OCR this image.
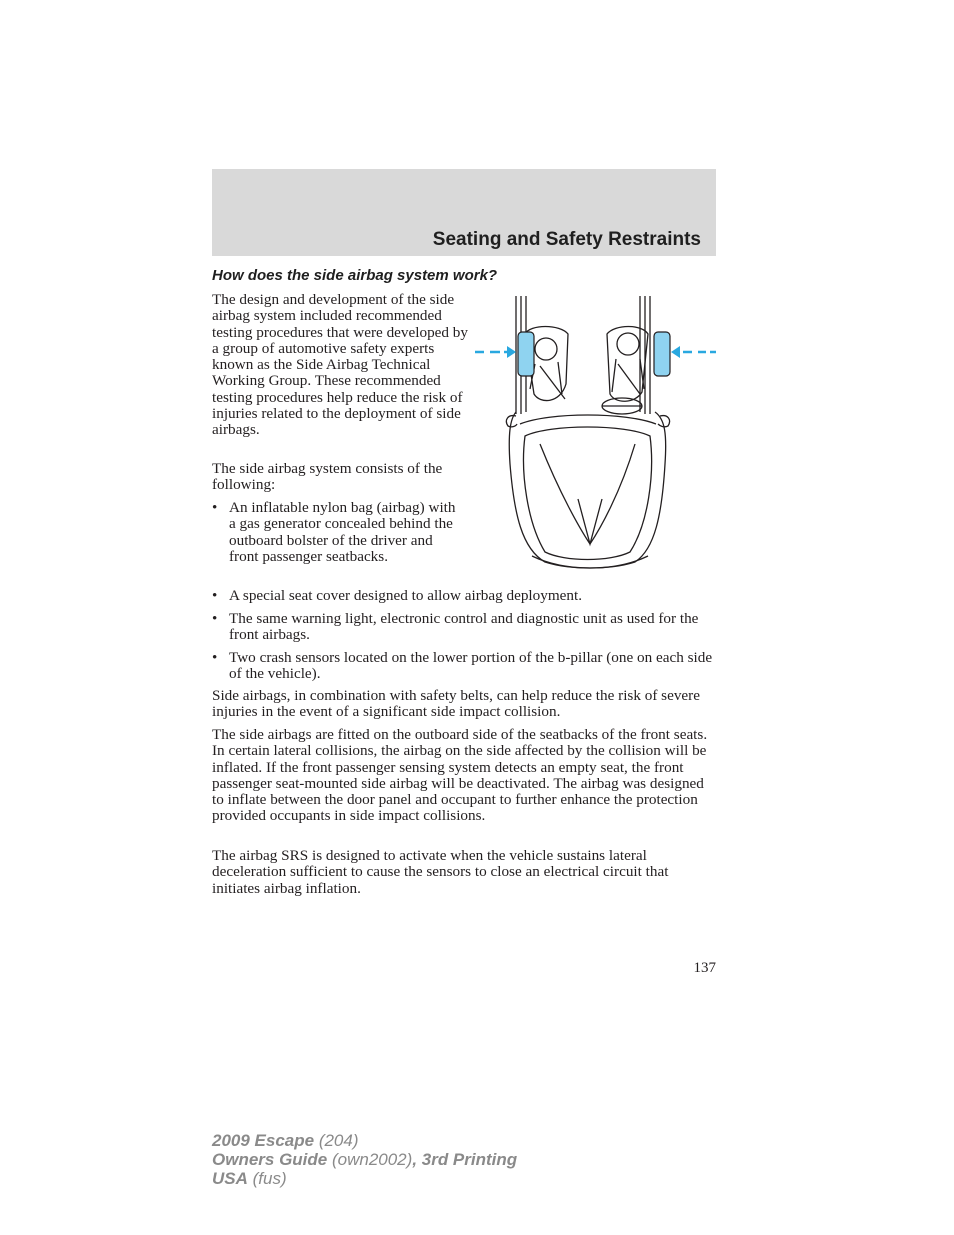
Seating and Safety Restraints
How does the side airbag system work?

The design and development of the side airbag system included recommended testing procedures that were developed by a group of automotive safety experts known as the Side Airbag Technical Working Group. These recommended testing procedures help reduce the risk of injuries related to the deployment of side airbags.

The side airbag system consists of the following:

• An inflatable nylon bag (airbag) with a gas generator concealed behind the outboard bolster of the driver and front passenger seatbacks.
• A special seat cover designed to allow airbag deployment.
• The same warning light, electronic control and diagnostic unit as used for the front airbags.
• Two crash sensors located on the lower portion of the b-pillar (one on each side of the vehicle).

Side airbags, in combination with safety belts, can help reduce the risk of severe injuries in the event of a significant side impact collision.

The side airbags are fitted on the outboard side of the seatbacks of the front seats. In certain lateral collisions, the airbag on the side affected by the collision will be inflated. If the front passenger sensing system detects an empty seat, the front passenger seat-mounted side airbag will be deactivated. The airbag was designed to inflate between the door panel and occupant to further enhance the protection provided occupants in side impact collisions.

The airbag SRS is designed to activate when the vehicle sustains lateral deceleration sufficient to cause the sensors to close an electrical circuit that initiates airbag inflation.

137
2009 Escape (204)
Owners Guide (own2002), 3rd Printing
USA (fus)
